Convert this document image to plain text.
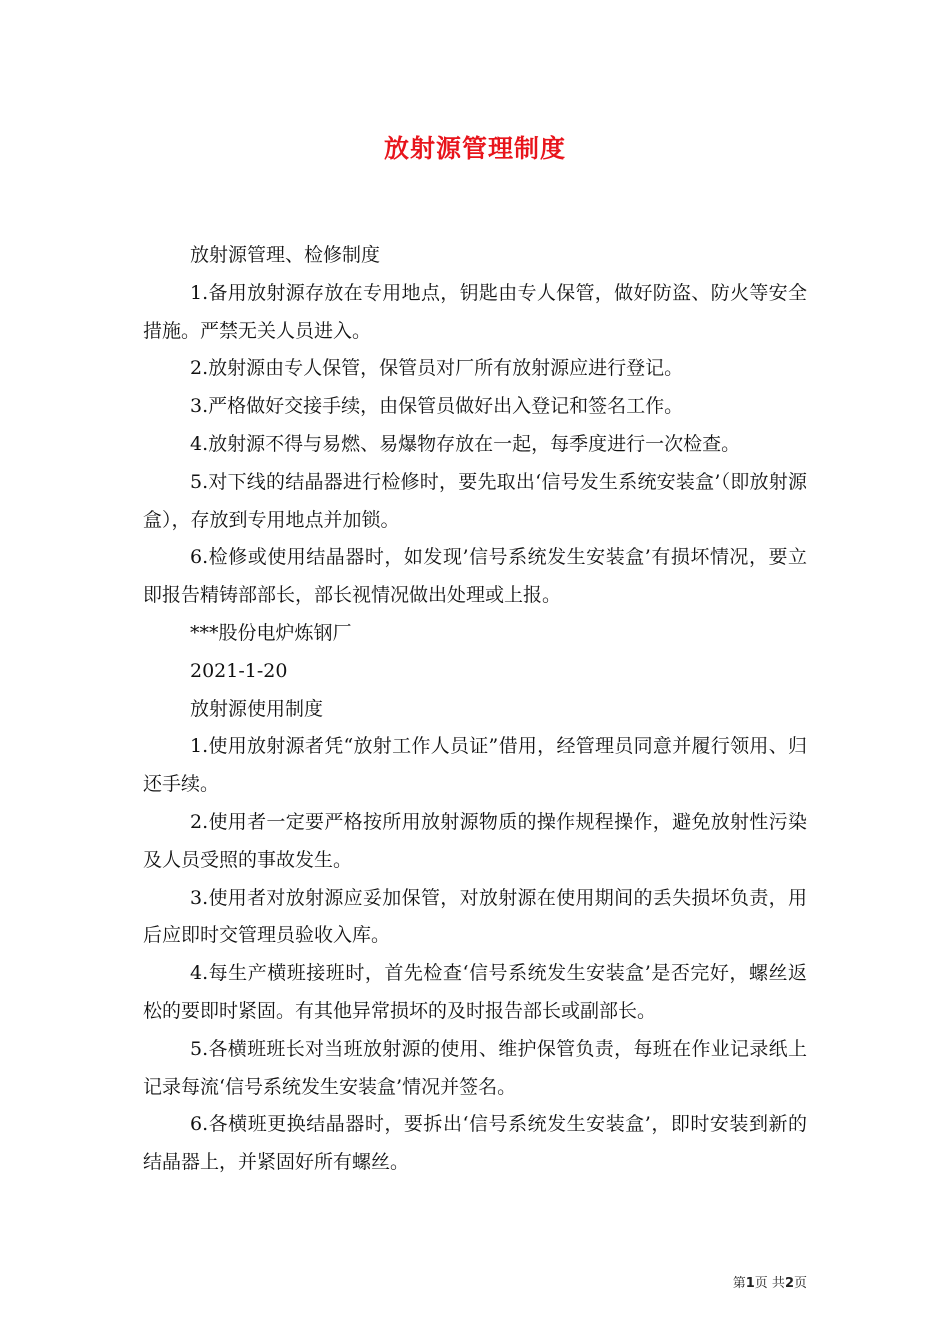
放射源管理制度

放射源管理、检修制度

1.备用放射源存放在专用地点，钥匙由专人保管，做好防盗、防火等安全措施。严禁无关人员进入。

2.放射源由专人保管，保管员对厂所有放射源应进行登记。

3.严格做好交接手续，由保管员做好出入登记和签名工作。

4.放射源不得与易燃、易爆物存放在一起，每季度进行一次检查。

5.对下线的结晶器进行检修时，要先取出‘信号发生系统安装盒’（即放射源盒），存放到专用地点并加锁。

6.检修或使用结晶器时，如发现’信号系统发生安装盒’有损坏情况，要立即报告精铸部部长，部长视情况做出处理或上报。

***股份电炉炼钢厂

2021-1-20

放射源使用制度

1.使用放射源者凭“放射工作人员证”借用，经管理员同意并履行领用、归还手续。

2.使用者一定要严格按所用放射源物质的操作规程操作，避免放射性污染及人员受照的事故发生。

3.使用者对放射源应妥加保管，对放射源在使用期间的丢失损坏负责，用后应即时交管理员验收入库。

4.每生产横班接班时，首先检查‘信号系统发生安装盒’是否完好，螺丝返松的要即时紧固。有其他异常损坏的及时报告部长或副部长。

5.各横班班长对当班放射源的使用、维护保管负责，每班在作业记录纸上记录每流‘信号系统发生安装盒’情况并签名。

6.各横班更换结晶器时，要拆出‘信号系统发生安装盒’，即时安装到新的结晶器上，并紧固好所有螺丝。

第1页 共2页
